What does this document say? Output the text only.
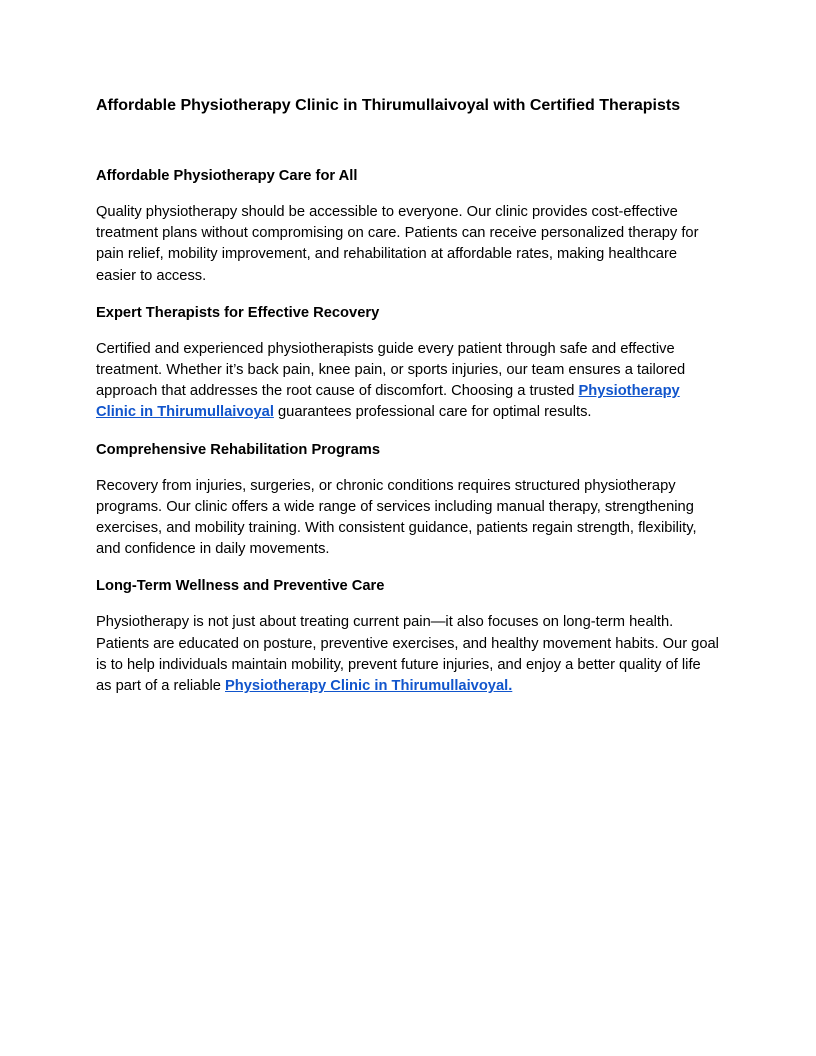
Affordable Physiotherapy Clinic in Thirumullaivoyal with Certified Therapists
Affordable Physiotherapy Care for All

Quality physiotherapy should be accessible to everyone. Our clinic provides cost-effective treatment plans without compromising on care. Patients can receive personalized therapy for pain relief, mobility improvement, and rehabilitation at affordable rates, making healthcare easier to access.

Expert Therapists for Effective Recovery

Certified and experienced physiotherapists guide every patient through safe and effective treatment. Whether it’s back pain, knee pain, or sports injuries, our team ensures a tailored approach that addresses the root cause of discomfort. Choosing a trusted Physiotherapy Clinic in Thirumullaivoyal guarantees professional care for optimal results.

Comprehensive Rehabilitation Programs

Recovery from injuries, surgeries, or chronic conditions requires structured physiotherapy programs. Our clinic offers a wide range of services including manual therapy, strengthening exercises, and mobility training. With consistent guidance, patients regain strength, flexibility, and confidence in daily movements.

Long-Term Wellness and Preventive Care

Physiotherapy is not just about treating current pain—it also focuses on long-term health. Patients are educated on posture, preventive exercises, and healthy movement habits. Our goal is to help individuals maintain mobility, prevent future injuries, and enjoy a better quality of life as part of a reliable Physiotherapy Clinic in Thirumullaivoyal.
